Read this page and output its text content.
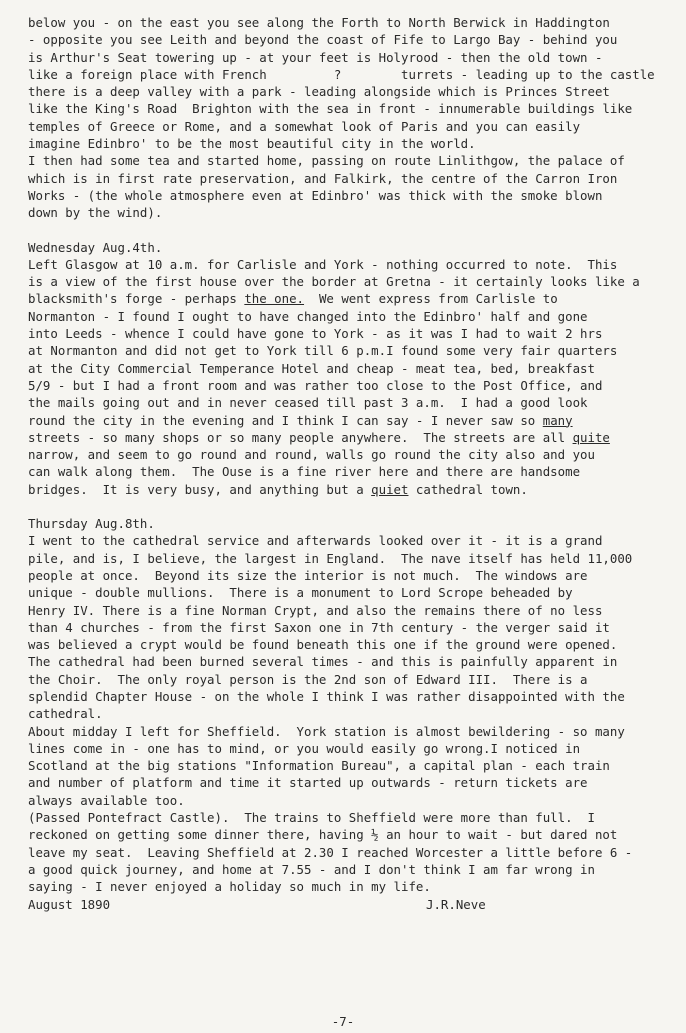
below you - on the east you see along the Forth to North Berwick in Haddington
- opposite you see Leith and beyond the coast of Fife to Largo Bay - behind you
is Arthur's Seat towering up - at your feet is Holyrood - then the old town -
like a foreign place with French         ?        turrets - leading up to the castle
there is a deep valley with a park - leading alongside which is Princes Street
like the King's Road  Brighton with the sea in front - innumerable buildings like
temples of Greece or Rome, and a somewhat look of Paris and you can easily
imagine Edinbro' to be the most beautiful city in the world.
I then had some tea and started home, passing on route Linlithgow, the palace of
which is in first rate preservation, and Falkirk, the centre of the Carron Iron
Works - (the whole atmosphere even at Edinbro' was thick with the smoke blown
down by the wind).
Wednesday Aug.4th.
Left Glasgow at 10 a.m. for Carlisle and York - nothing occurred to note.  This
is a view of the first house over the border at Gretna - it certainly looks like a
blacksmith's forge - perhaps the one.  We went express from Carlisle to
Normanton - I found I ought to have changed into the Edinbro' half and gone
into Leeds - whence I could have gone to York - as it was I had to wait 2 hrs
at Normanton and did not get to York till 6 p.m.I found some very fair quarters
at the City Commercial Temperance Hotel and cheap - meat tea, bed, breakfast
5/9 - but I had a front room and was rather too close to the Post Office, and
the mails going out and in never ceased till past 3 a.m.  I had a good look
round the city in the evening and I think I can say - I never saw so many
streets - so many shops or so many people anywhere.  The streets are all quite
narrow, and seem to go round and round, walls go round the city also and you
can walk along them.  The Ouse is a fine river here and there are handsome
bridges.  It is very busy, and anything but a quiet cathedral town.
Thursday Aug.8th.
I went to the cathedral service and afterwards looked over it - it is a grand
pile, and is, I believe, the largest in England.  The nave itself has held 11,000
people at once.  Beyond its size the interior is not much.  The windows are
unique - double mullions.  There is a monument to Lord Scrope beheaded by
Henry IV. There is a fine Norman Crypt, and also the remains there of no less
than 4 churches - from the first Saxon one in 7th century - the verger said it
was believed a crypt would be found beneath this one if the ground were opened.
The cathedral had been burned several times - and this is painfully apparent in
the Choir.  The only royal person is the 2nd son of Edward III.  There is a
splendid Chapter House - on the whole I think I was rather disappointed with the
cathedral.
About midday I left for Sheffield.  York station is almost bewildering - so many
lines come in - one has to mind, or you would easily go wrong.I noticed in
Scotland at the big stations "Information Bureau", a capital plan - each train
and number of platform and time it started up outwards - return tickets are
always available too.
(Passed Pontefract Castle).  The trains to Sheffield were more than full.  I
reckoned on getting some dinner there, having ½ an hour to wait - but dared not
leave my seat.  Leaving Sheffield at 2.30 I reached Worcester a little before 6 -
a good quick journey, and home at 7.55 - and I don't think I am far wrong in
saying - I never enjoyed a holiday so much in my life.
August 1890	J.R.Neve
-7-
